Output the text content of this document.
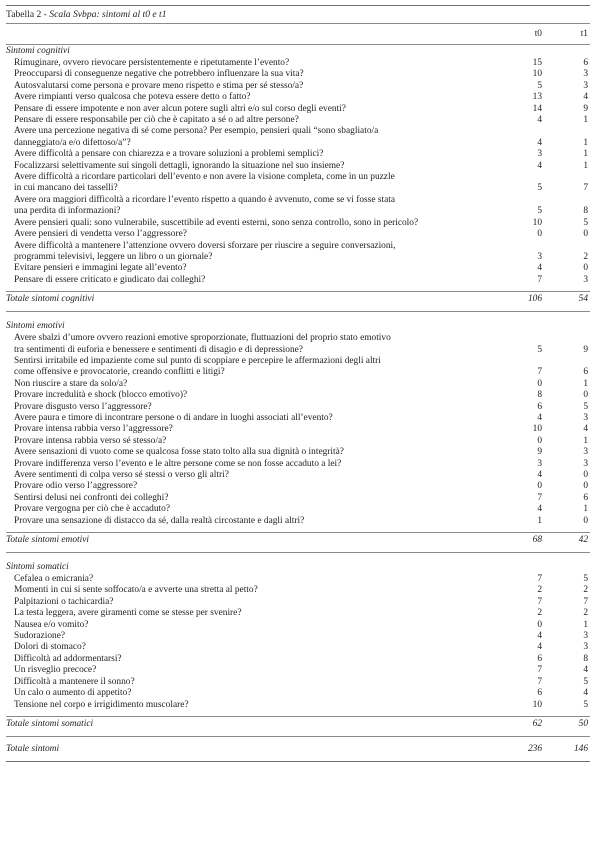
Tabella 2 - Scala Svbpa: sintomi al t0 e t1
t0	t1
Sintomi cognitivi
Rimuginare, ovvero rievocare persistentemente e ripetutamente l’evento?	15	6
Preoccuparsi di conseguenze negative che potrebbero influenzare la sua vita?	10	3
Autosvalutarsi come persona e provare meno rispetto e stima per sé stesso/a?	5	3
Avere rimpianti verso qualcosa che poteva essere detto o fatto?	13	4
Pensare di essere impotente e non aver alcun potere sugli altri e/o sul corso degli eventi?	14	9
Pensare di essere responsabile per ciò che è capitato a sé o ad altre persone?	4	1
Avere una percezione negativa di sé come persona? Per esempio, pensieri quali “sono sbagliato/a
danneggiato/a e/o difettoso/a”?	4	1
Avere difficoltà a pensare con chiarezza e a trovare soluzioni a problemi semplici?	3	1
Focalizzarsi selettivamente sui singoli dettagli, ignorando la situazione nel suo insieme?	4	1
Avere difficoltà a ricordare particolari dell’evento e non avere la visione completa, come in un puzzle
in cui mancano dei tasselli?	5	7
Avere ora maggiori difficoltà a ricordare l’evento rispetto a quando è avvenuto, come se vi fosse stata
una perdita di informazioni?	5	8
Avere pensieri quali: sono vulnerabile, suscettibile ad eventi esterni, sono senza controllo, sono in pericolo?	10	5
Avere pensieri di vendetta verso l’aggressore?	0	0
Avere difficoltà a mantenere l’attenzione ovvero doversi sforzare per riuscire a seguire conversazioni,
programmi televisivi, leggere un libro o un giornale?	3	2
Evitare pensieri e immagini legate all’evento?	4	0
Pensare di essere criticato e giudicato dai colleghi?	7	3
Totale sintomi cognitivi	106	54
Sintomi emotivi
Avere sbalzi d’umore ovvero reazioni emotive sproporzionate, fluttuazioni del proprio stato emotivo
tra sentimenti di euforia e benessere e sentimenti di disagio e di depressione?	5	9
Sentirsi irritabile ed impaziente come sul punto di scoppiare e percepire le affermazioni degli altri
come offensive e provocatorie, creando conflitti e litigi?	7	6
Non riuscire a stare da solo/a?	0	1
Provare incredulità e shock (blocco emotivo)?	8	0
Provare disgusto verso l’aggressore?	6	5
Avere paura e timore di incontrare persone o di andare in luoghi associati all’evento?	4	3
Provare intensa rabbia verso l’aggressore?	10	4
Provare intensa rabbia verso sé stesso/a?	0	1
Avere sensazioni di vuoto come se qualcosa fosse stato tolto alla sua dignità o integrità?	9	3
Provare indifferenza verso l’evento e le altre persone come se non fosse accaduto a lei?	3	3
Avere sentimenti di colpa verso sé stessi o verso gli altri?	4	0
Provare odio verso l’aggressore?	0	0
Sentirsi delusi nei confronti dei colleghi?	7	6
Provare vergogna per ciò che è accaduto?	4	1
Provare una sensazione di distacco da sé, dalla realtà circostante e dagli altri?	1	0
Totale sintomi emotivi	68	42
Sintomi somatici
Cefalea o emicrania?	7	5
Momenti in cui si sente soffocato/a e avverte una stretta al petto?	2	2
Palpitazioni o tachicardia?	7	7
La testa leggera, avere giramenti come se stesse per svenire?	2	2
Nausea e/o vomito?	0	1
Sudorazione?	4	3
Dolori di stomaco?	4	3
Difficoltà ad addormentarsi?	6	8
Un risveglio precoce?	7	4
Difficoltà a mantenere il sonno?	7	5
Un calo o aumento di appetito?	6	4
Tensione nel corpo e irrigidimento muscolare?	10	5
Totale sintomi somatici	62	50
Totale sintomi	236	146
